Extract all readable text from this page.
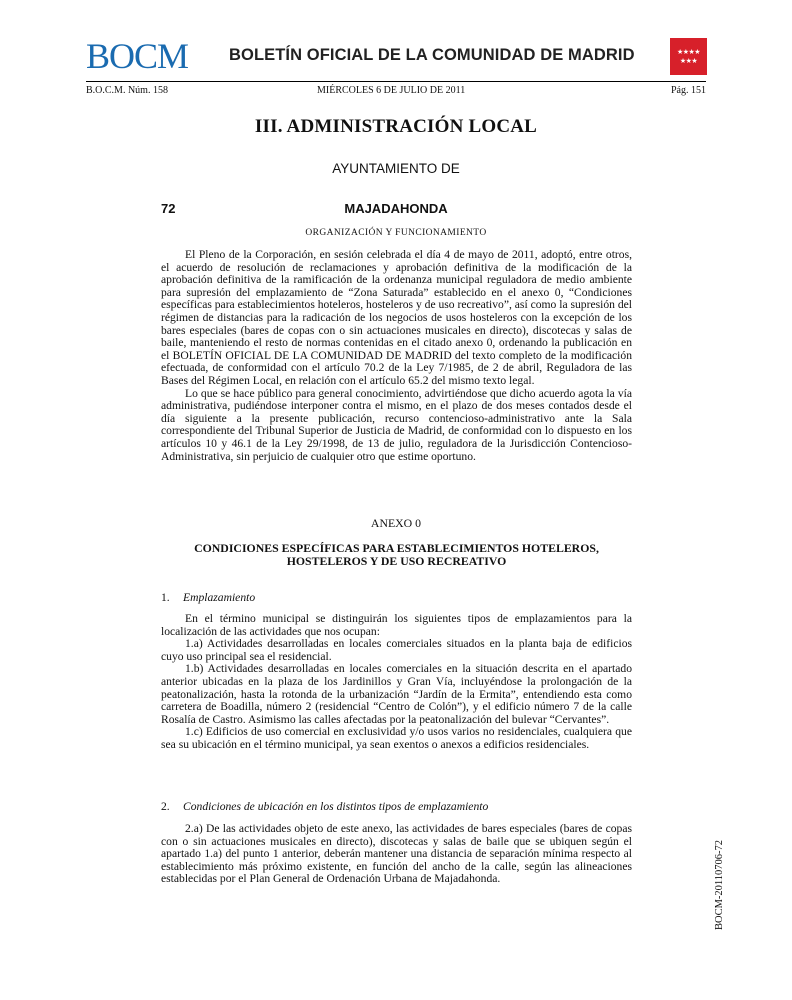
BOCM BOLETÍN OFICIAL DE LA COMUNIDAD DE MADRID	★★★★
★★★
B.O.C.M. Núm. 158	MIÉRCOLES 6 DE JULIO DE 2011	Pág. 151
III. ADMINISTRACIÓN LOCAL
AYUNTAMIENTO DE
72	MAJADAHONDA
ORGANIZACIÓN Y FUNCIONAMIENTO

El Pleno de la Corporación, en sesión celebrada el día 4 de mayo de 2011, adoptó, entre otros, el acuerdo de resolución de reclamaciones y aprobación definitiva de la modificación de la aprobación definitiva de la ramificación de la ordenanza municipal reguladora de medio ambiente para supresión del emplazamiento de “Zona Saturada” establecido en el anexo 0, “Condiciones específicas para establecimientos hoteleros, hosteleros y de uso recreativo”, así como la supresión del régimen de distancias para la radicación de los negocios de usos hosteleros con la excepción de los bares especiales (bares de copas con o sin actuaciones musicales en directo), discotecas y salas de baile, manteniendo el resto de normas contenidas en el citado anexo 0, ordenando la publicación en el BOLETÍN OFICIAL DE LA COMUNIDAD DE MADRID del texto completo de la modificación efectuada, de conformidad con el artículo 70.2 de la Ley 7/1985, de 2 de abril, Reguladora de las Bases del Régimen Local, en relación con el artículo 65.2 del mismo texto legal.

Lo que se hace público para general conocimiento, advirtiéndose que dicho acuerdo agota la vía administrativa, pudiéndose interponer contra el mismo, en el plazo de dos meses contados desde el día siguiente a la presente publicación, recurso contencioso-administrativo ante la Sala correspondiente del Tribunal Superior de Justicia de Madrid, de conformidad con lo dispuesto en los artículos 10 y 46.1 de la Ley 29/1998, de 13 de julio, reguladora de la Jurisdicción Contencioso-Administrativa, sin perjuicio de cualquier otro que estime oportuno.

ANEXO 0
CONDICIONES ESPECÍFICAS PARA ESTABLECIMIENTOS HOTELEROS, HOSTELEROS Y DE USO RECREATIVO
1. Emplazamiento

En el término municipal se distinguirán los siguientes tipos de emplazamientos para la localización de las actividades que nos ocupan:

1.a) Actividades desarrolladas en locales comerciales situados en la planta baja de edificios cuyo uso principal sea el residencial.

1.b) Actividades desarrolladas en locales comerciales en la situación descrita en el apartado anterior ubicadas en la plaza de los Jardinillos y Gran Vía, incluyéndose la prolongación de la peatonalización, hasta la rotonda de la urbanización “Jardín de la Ermita”, entendiendo esta como carretera de Boadilla, número 2 (residencial “Centro de Colón”), y el edificio número 7 de la calle Rosalía de Castro. Asimismo las calles afectadas por la peatonalización del bulevar “Cervantes”.

1.c) Edificios de uso comercial en exclusividad y/o usos varios no residenciales, cualquiera que sea su ubicación en el término municipal, ya sean exentos o anexos a edificios residenciales.

2. Condiciones de ubicación en los distintos tipos de emplazamiento

2.a) De las actividades objeto de este anexo, las actividades de bares especiales (bares de copas con o sin actuaciones musicales en directo), discotecas y salas de baile que se ubiquen según el apartado 1.a) del punto 1 anterior, deberán mantener una distancia de separación mínima respecto al establecimiento más próximo existente, en función del ancho de la calle, según las alineaciones establecidas por el Plan General de Ordenación Urbana de Majadahonda.	BOCM-20110706-72
